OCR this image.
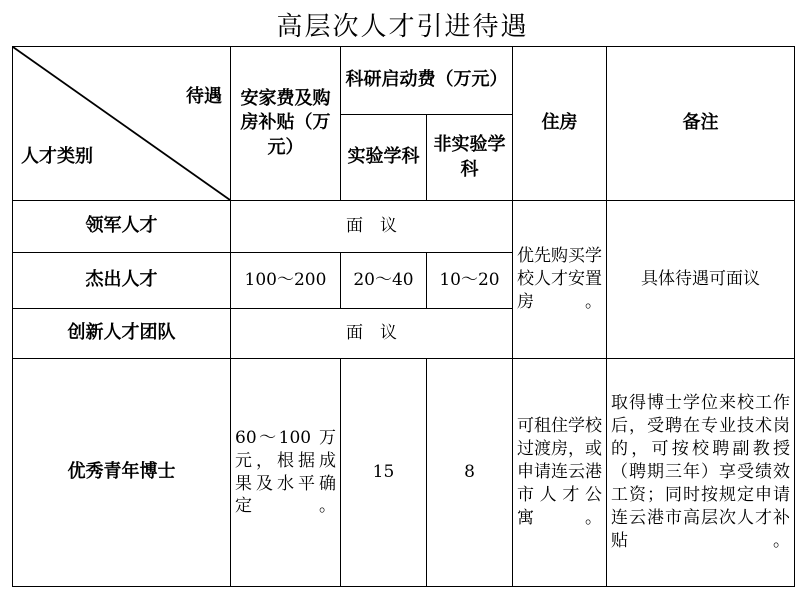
高层次人才引进待遇
待遇
人才类别	安家费及购房补贴（万元）	科研启动费（万元）		住房	备注
		实验学科	非实验学科		
领军人才	面　议			优先购买学校人才安置房。	具体待遇可面议
杰出人才	100～200	20～40	10～20		
创新人才团队	面　议				
优秀青年博士	60～100 万元，根据成果及水平确定。	15	8	可租住学校过渡房，或申请连云港市人才公寓。	取得博士学位来校工作后，受聘在专业技术岗的，可按校聘副教授（聘期三年）享受绩效工资；同时按规定申请连云港市高层次人才补贴。
